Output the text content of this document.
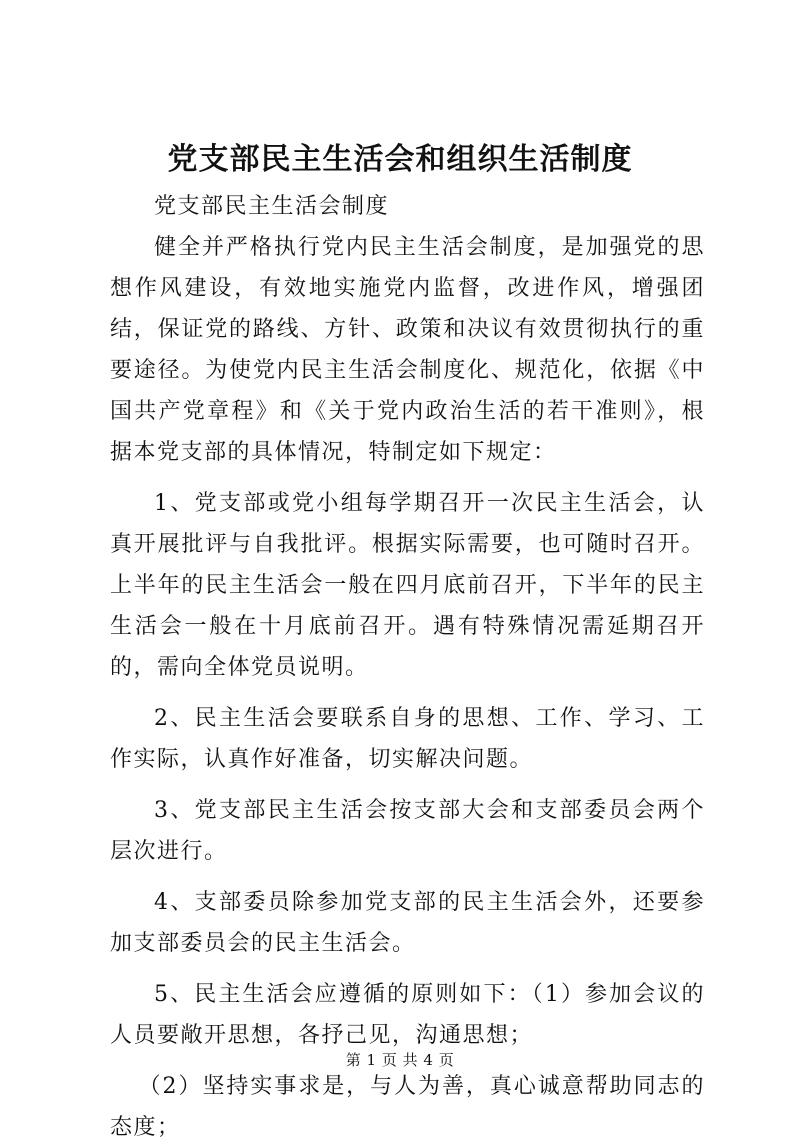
党支部民主生活会和组织生活制度

党支部民主生活会制度

健全并严格执行党内民主生活会制度，是加强党的思想作风建设，有效地实施党内监督，改进作风，增强团结，保证党的路线、方针、政策和决议有效贯彻执行的重要途径。为使党内民主生活会制度化、规范化，依据《中国共产党章程》和《关于党内政治生活的若干准则》，根据本党支部的具体情况，特制定如下规定：

1、党支部或党小组每学期召开一次民主生活会，认真开展批评与自我批评。根据实际需要，也可随时召开。上半年的民主生活会一般在四月底前召开，下半年的民主生活会一般在十月底前召开。遇有特殊情况需延期召开的，需向全体党员说明。

2、民主生活会要联系自身的思想、工作、学习、工作实际，认真作好准备，切实解决问题。

3、党支部民主生活会按支部大会和支部委员会两个层次进行。

4、支部委员除参加党支部的民主生活会外，还要参加支部委员会的民主生活会。

5、民主生活会应遵循的原则如下：（1）参加会议的人员要敞开思想，各抒己见，沟通思想；

（2）坚持实事求是，与人为善，真心诚意帮助同志的态度；

第 1 页 共 4 页
